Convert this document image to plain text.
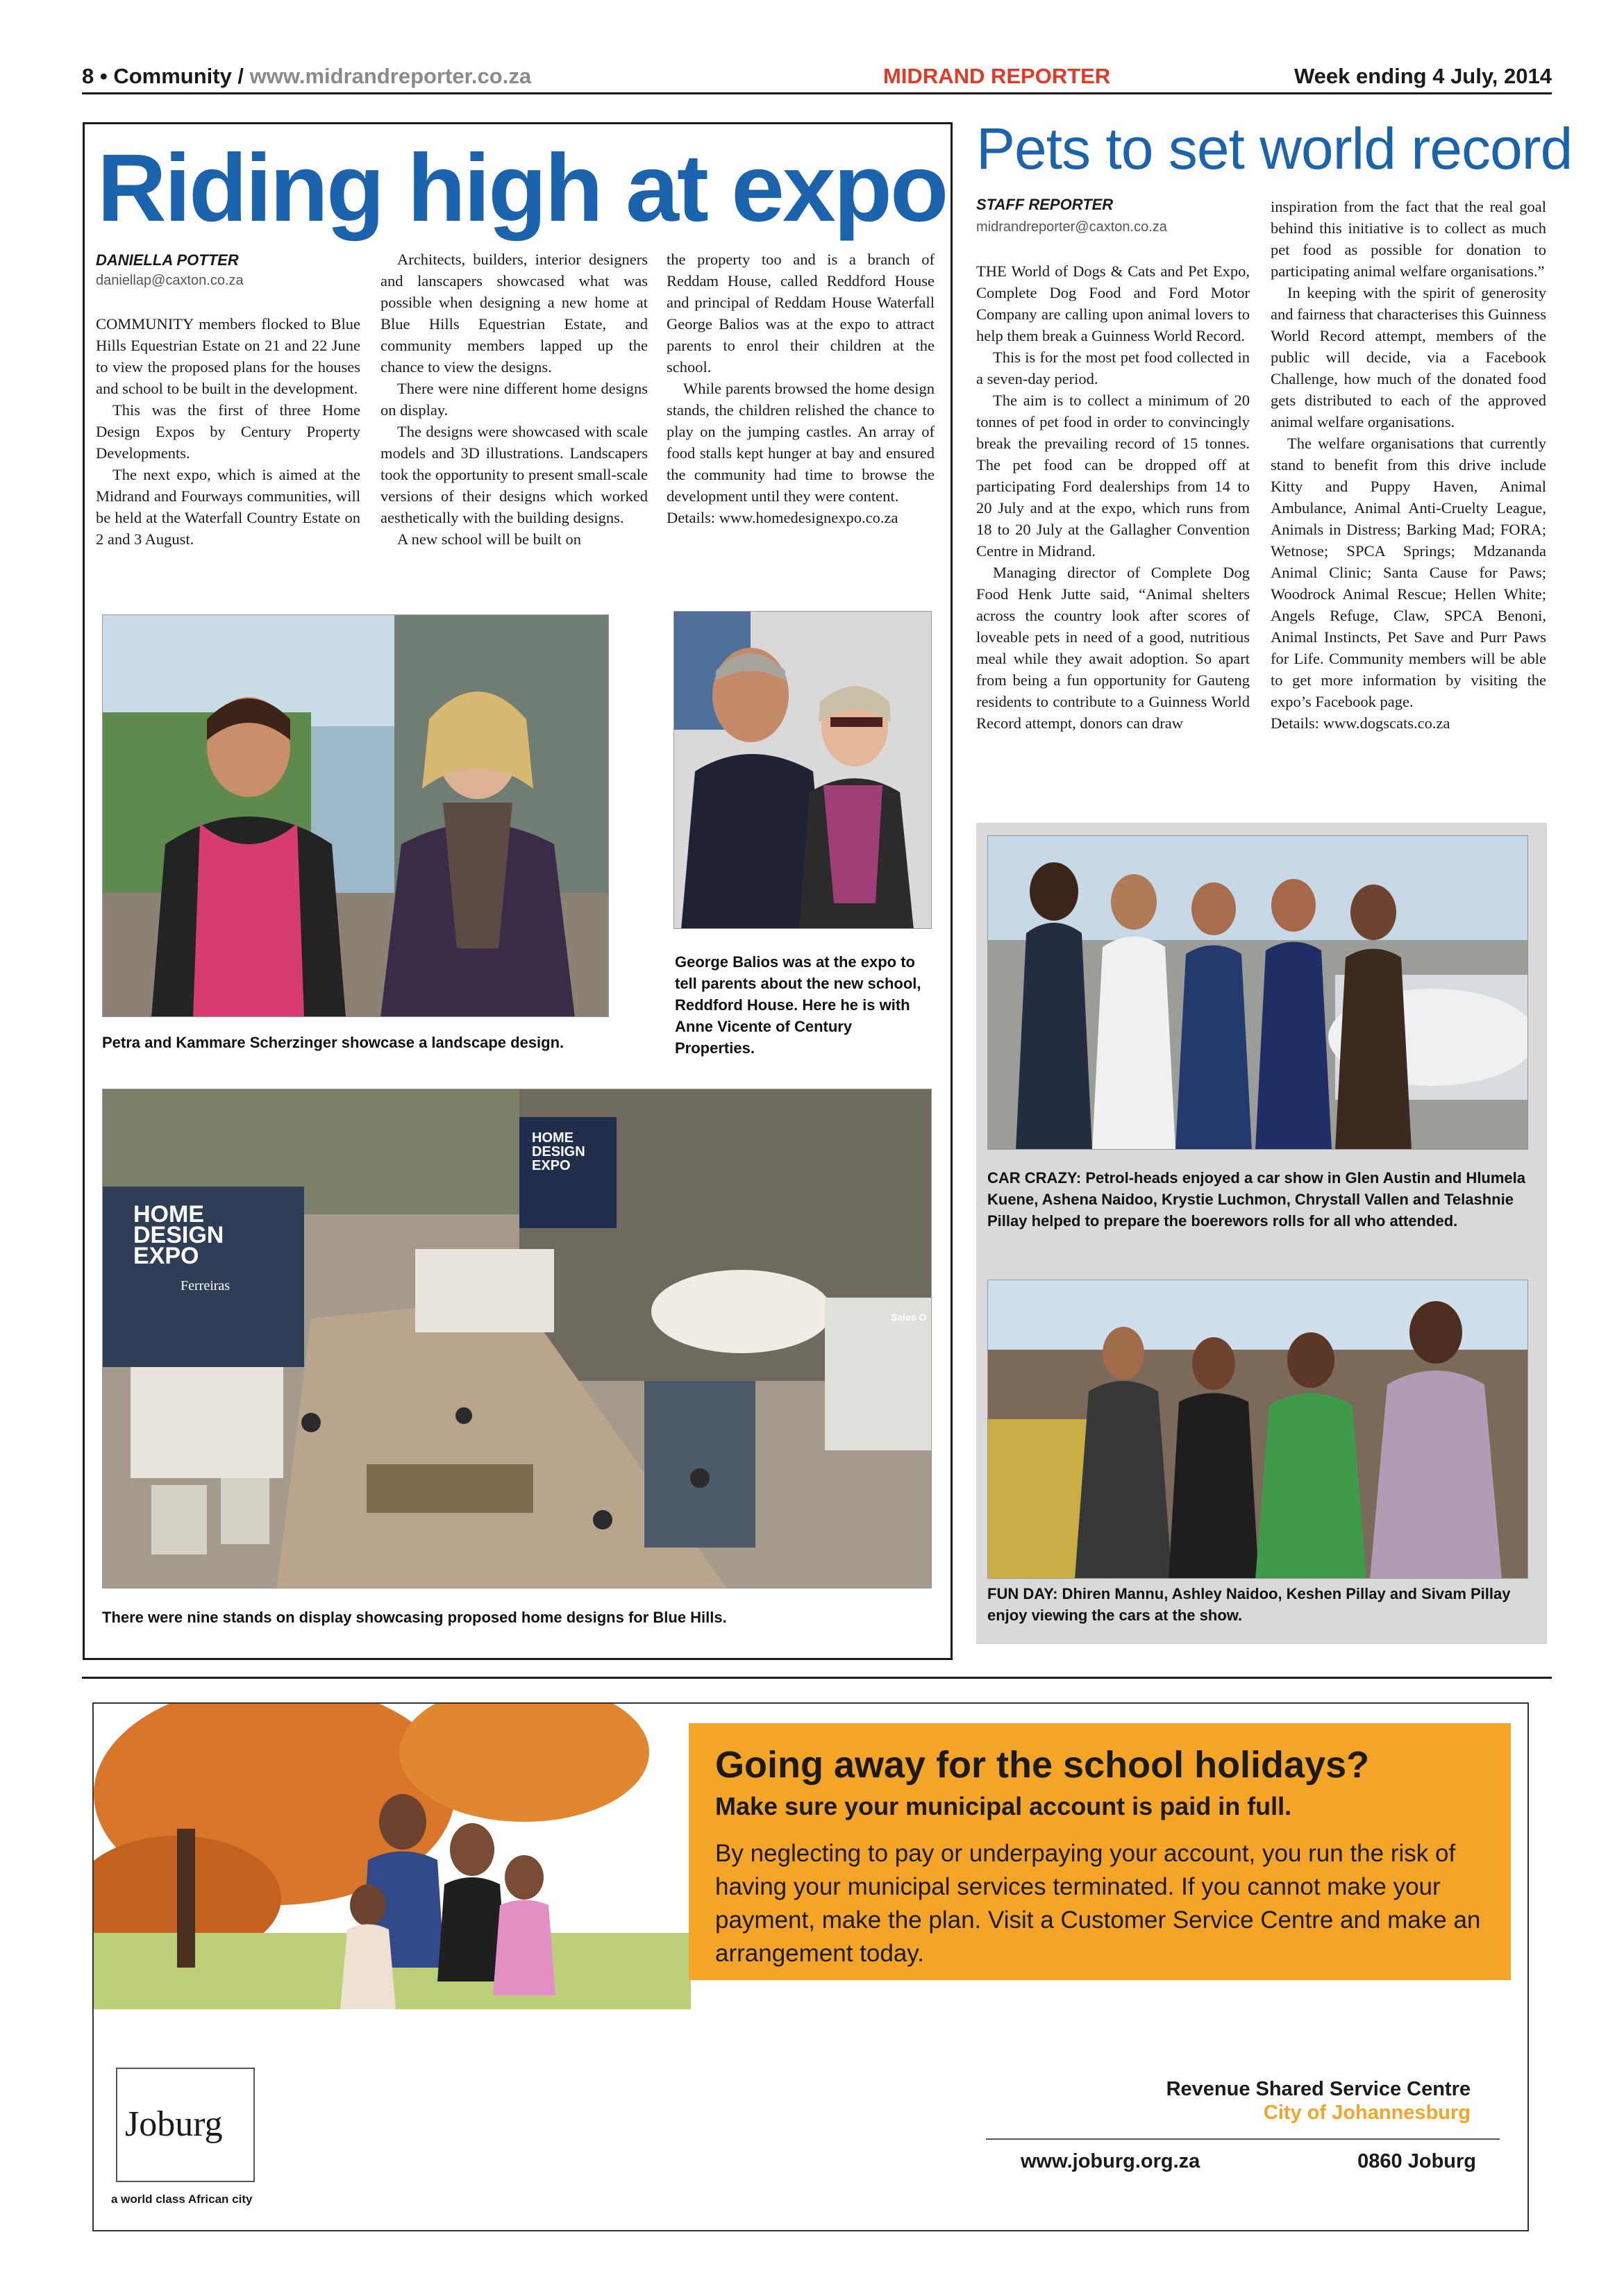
8 • Community / www.midrandreporter.co.za	MIDRAND REPORTER	Week ending 4 July, 2014
Riding high at expo
DANIELLA POTTER
daniellap@caxton.co.za

COMMUNITY members flocked to Blue Hills Equestrian Estate on 21 and 22 June to view the proposed plans for the houses and school to be built in the development.

This was the first of three Home Design Expos by Century Property Developments.

The next expo, which is aimed at the Midrand and Fourways communities, will be held at the Waterfall Country Estate on 2 and 3 August.

Architects, builders, interior designers and lanscapers showcased what was possible when designing a new home at Blue Hills Equestrian Estate, and community members lapped up the chance to view the designs.

There were nine different home designs on display.

The designs were showcased with scale models and 3D illustrations. Landscapers took the opportunity to present small-scale versions of their designs which worked aesthetically with the building designs.

A new school will be built on

the property too and is a branch of Reddam House, called Reddford House and principal of Reddam House Waterfall George Balios was at the expo to attract parents to enrol their children at the school.

While parents browsed the home design stands, the children relished the chance to play on the jumping castles. An array of food stalls kept hunger at bay and ensured the community had time to browse the development until they were content.

Details: www.homedesignexpo.co.za

Petra and Kammare Scherzinger showcase a landscape design.
George Balios was at the expo to tell parents about the new school, Reddford House. Here he is with Anne Vicente of Century Properties.
HOME
DESIGN
EXPO
Ferreiras
HOME
DESIGN
EXPO
Sales O
There were nine stands on display showcasing proposed home designs for Blue Hills.
Pets to set world record
STAFF REPORTER
midrandreporter@caxton.co.za

THE World of Dogs & Cats and Pet Expo, Complete Dog Food and Ford Motor Company are calling upon animal lovers to help them break a Guinness World Record.

This is for the most pet food collected in a seven-day period.

The aim is to collect a minimum of 20 tonnes of pet food in order to convincingly break the prevailing record of 15 tonnes. The pet food can be dropped off at participating Ford dealerships from 14 to 20 July and at the expo, which runs from 18 to 20 July at the Gallagher Convention Centre in Midrand.

Managing director of Complete Dog Food Henk Jutte said, “Animal shelters across the country look after scores of loveable pets in need of a good, nutritious meal while they await adoption. So apart from being a fun opportunity for Gauteng residents to contribute to a Guinness World Record attempt, donors can draw

inspiration from the fact that the real goal behind this initiative is to collect as much pet food as possible for donation to participating animal welfare organisations.”

In keeping with the spirit of generosity and fairness that characterises this Guinness World Record attempt, members of the public will decide, via a Facebook Challenge, how much of the donated food gets distributed to each of the approved animal welfare organisations.

The welfare organisations that currently stand to benefit from this drive include Kitty and Puppy Haven, Animal Ambulance, Animal Anti-Cruelty League, Animals in Distress; Barking Mad; FORA; Wetnose; SPCA Springs; Mdzananda Animal Clinic; Santa Cause for Paws; Woodrock Animal Rescue; Hellen White; Angels Refuge, Claw, SPCA Benoni, Animal Instincts, Pet Save and Purr Paws for Life. Community members will be able to get more information by visiting the expo’s Facebook page.

Details: www.dogscats.co.za

CAR CRAZY: Petrol-heads enjoyed a car show in Glen Austin and Hlumela Kuene, Ashena Naidoo, Krystie Luchmon, Chrystall Vallen and Telashnie Pillay helped to prepare the boerewors rolls for all who attended.
FUN DAY: Dhiren Mannu, Ashley Naidoo, Keshen Pillay and Sivam Pillay enjoy viewing the cars at the show.
Going away for the school holidays?
Make sure your municipal account is paid in full.
By neglecting to pay or underpaying your account, you run the risk of having your municipal services terminated. If you cannot make your payment, make the plan. Visit a Customer Service Centre and make an arrangement today.
Revenue Shared Service Centre
City of Johannesburg
www.joburg.org.za	0860 Joburg
Joburg
a world class African city
